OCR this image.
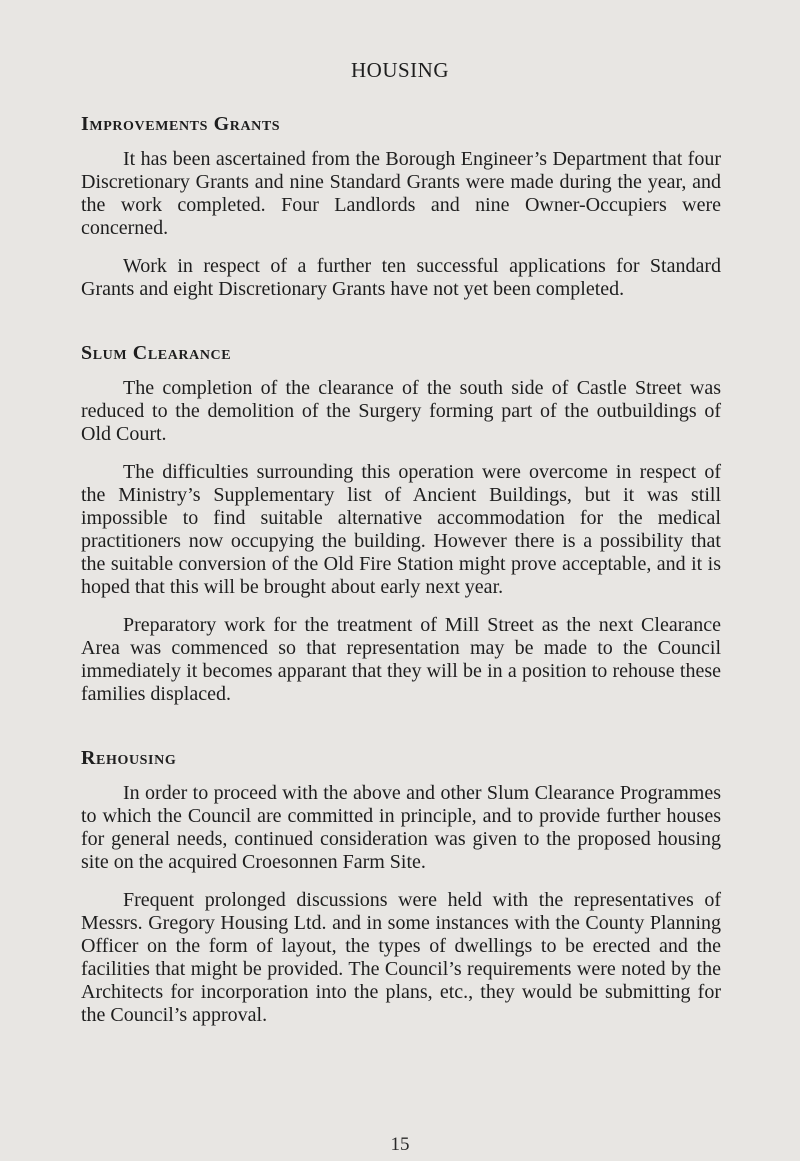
HOUSING
Improvements Grants

It has been ascertained from the Borough Engineer’s Department that four Discretionary Grants and nine Standard Grants were made during the year, and the work completed. Four Landlords and nine Owner-Occupiers were concerned.

Work in respect of a further ten successful applications for Standard Grants and eight Discretionary Grants have not yet been completed.

Slum Clearance

The completion of the clearance of the south side of Castle Street was reduced to the demolition of the Surgery forming part of the outbuildings of Old Court.

The difficulties surrounding this operation were overcome in respect of the Ministry’s Supplementary list of Ancient Buildings, but it was still impossible to find suitable alternative accommodation for the medical practitioners now occupying the building. However there is a possibility that the suitable conversion of the Old Fire Station might prove acceptable, and it is hoped that this will be brought about early next year.

Preparatory work for the treatment of Mill Street as the next Clearance Area was commenced so that representation may be made to the Council immediately it becomes apparant that they will be in a position to rehouse these families displaced.

Rehousing

In order to proceed with the above and other Slum Clearance Programmes to which the Council are committed in principle, and to provide further houses for general needs, continued consideration was given to the proposed housing site on the acquired Croesonnen Farm Site.

Frequent prolonged discussions were held with the representatives of Messrs. Gregory Housing Ltd. and in some instances with the County Planning Officer on the form of layout, the types of dwellings to be erected and the facilities that might be provided. The Council’s requirements were noted by the Architects for incorporation into the plans, etc., they would be submitting for the Council’s approval.

15
